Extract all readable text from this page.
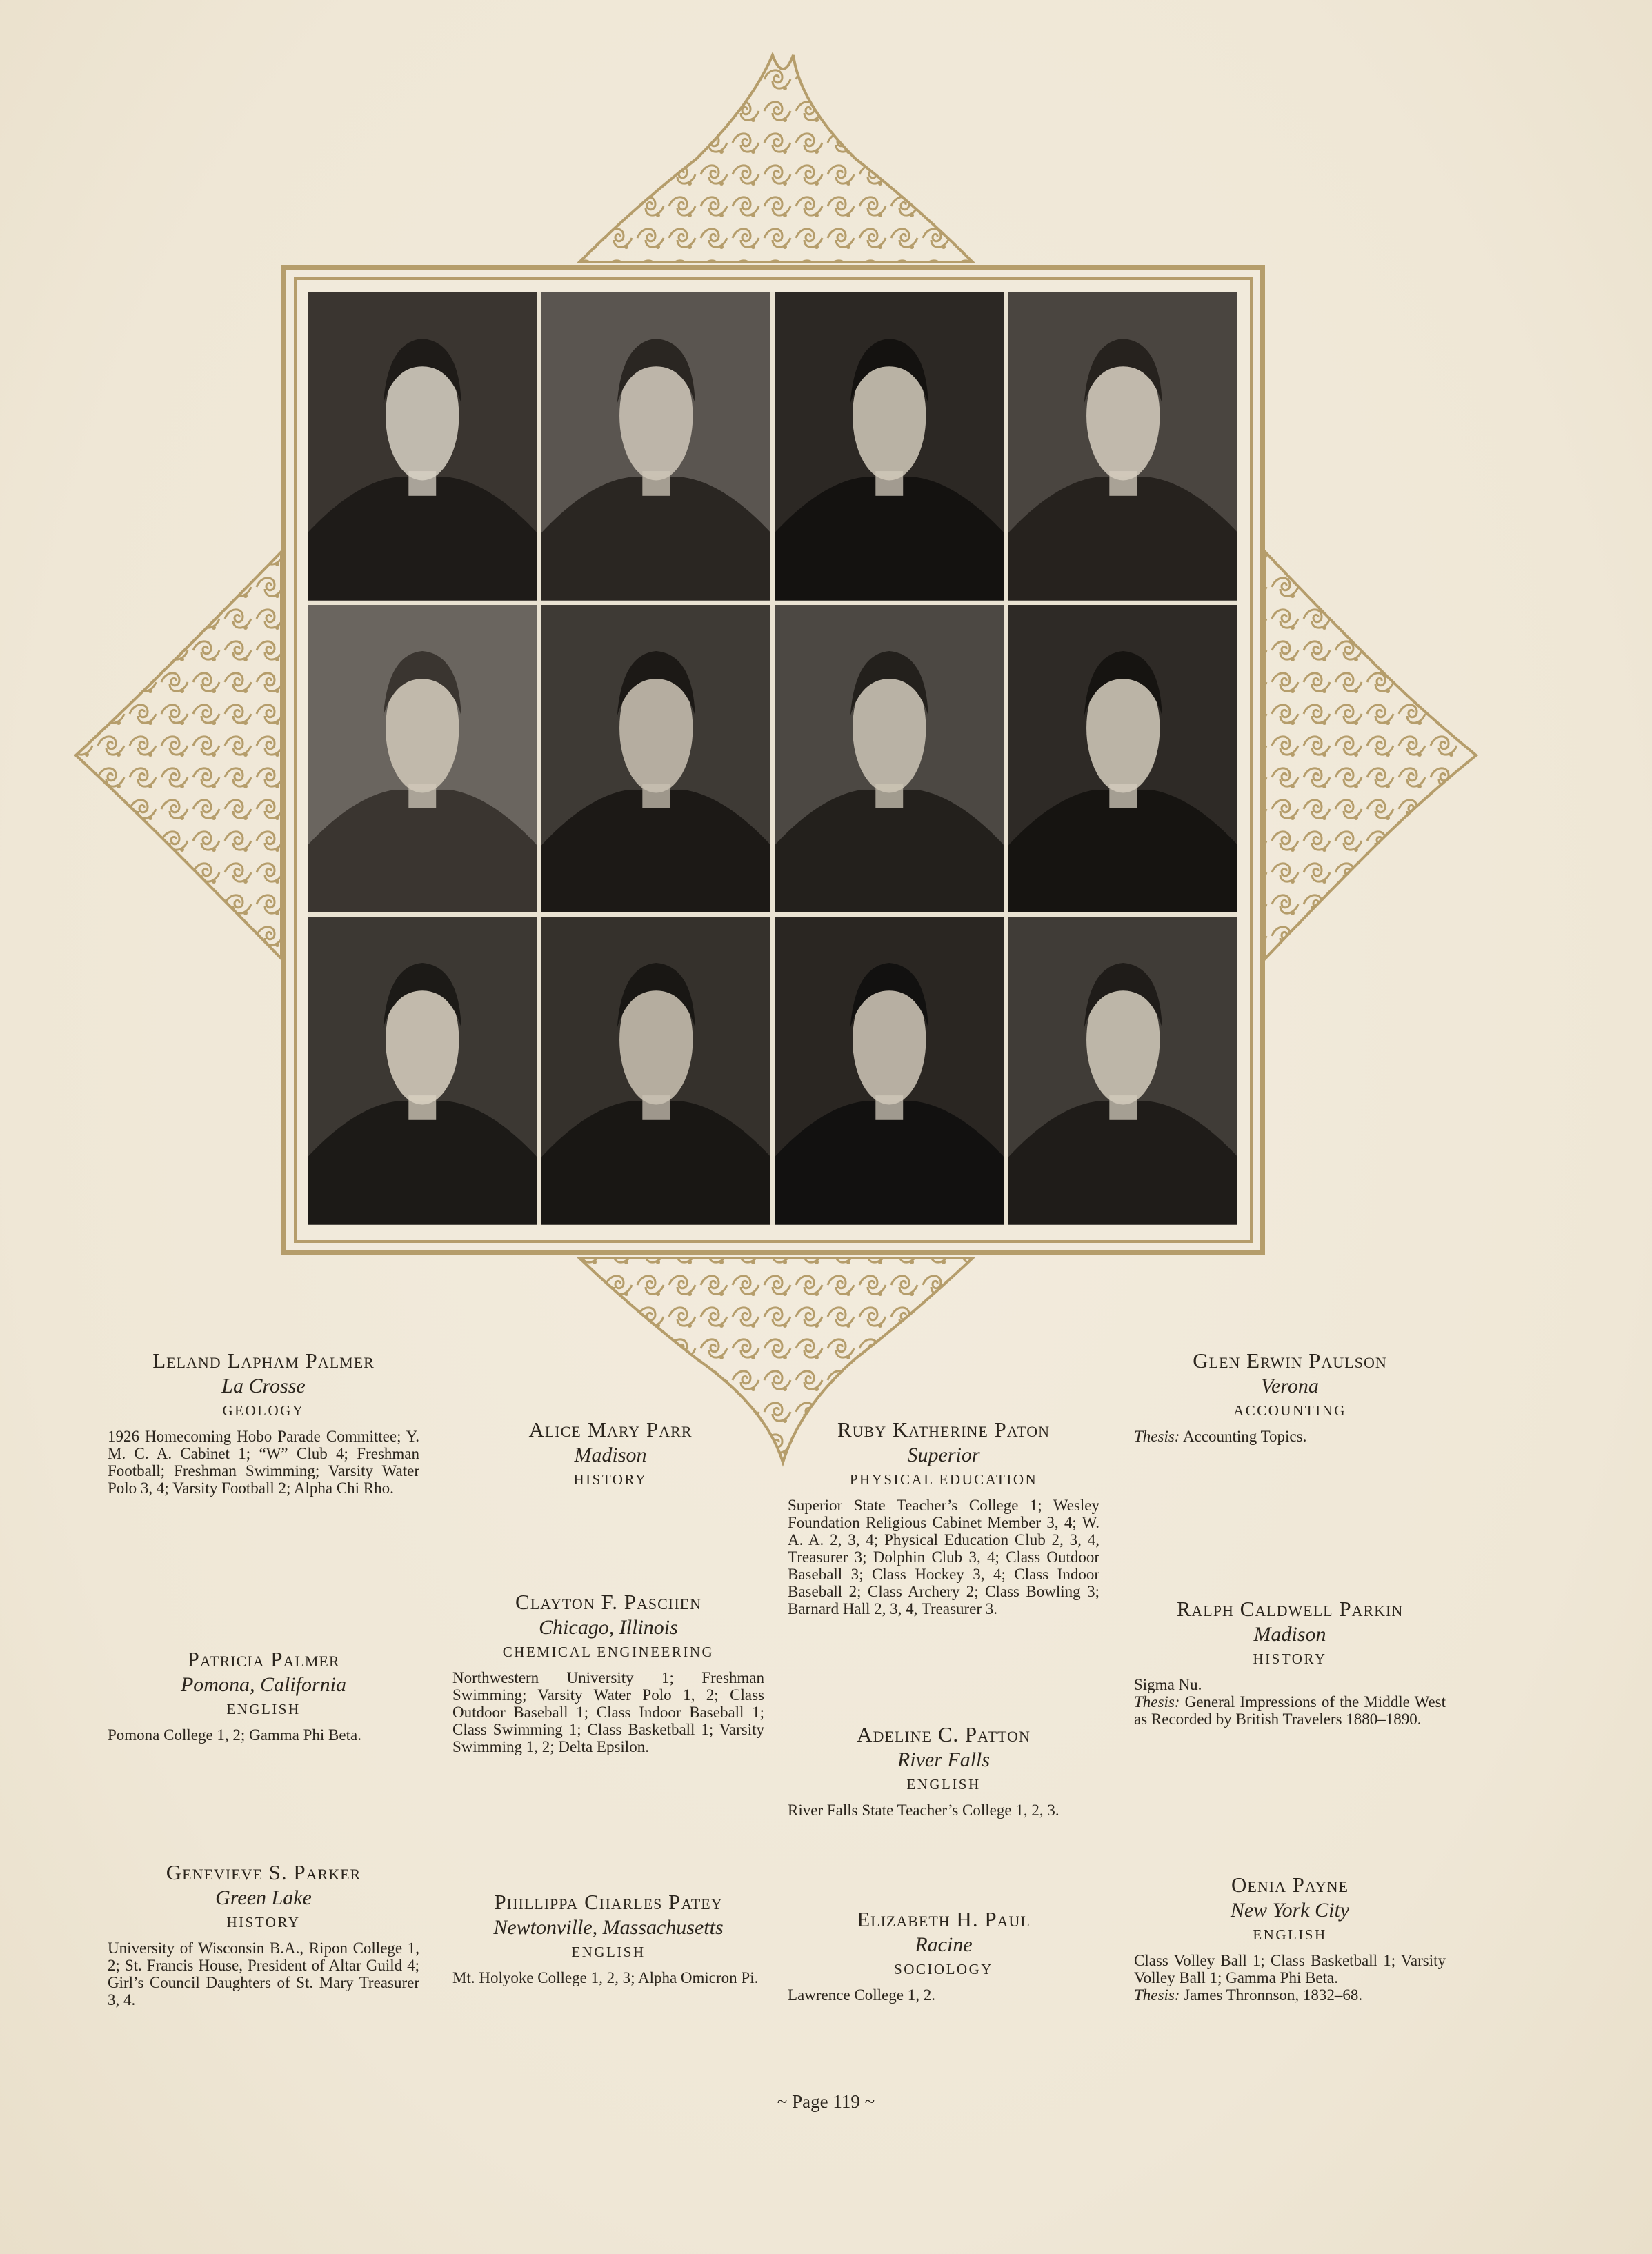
Leland Lapham Palmer
La Crosse
GEOLOGY
1926 Homecoming Hobo Parade Committee; Y. M. C. A. Cabinet 1; “W” Club 4; Freshman Football; Freshman Swimming; Varsity Water Polo 3, 4; Varsity Football 2; Alpha Chi Rho.
Alice Mary Parr
Madison
HISTORY
Ruby Katherine Paton
Superior
PHYSICAL EDUCATION
Superior State Teacher’s College 1; Wesley Foundation Religious Cabinet Member 3, 4; W. A. A. 2, 3, 4; Physical Education Club 2, 3, 4, Treasurer 3; Dolphin Club 3, 4; Class Outdoor Baseball 3; Class Hockey 3, 4; Class Indoor Baseball 2; Class Archery 2; Class Bowling 3; Barnard Hall 2, 3, 4, Treasurer 3.
Glen Erwin Paulson
Verona
ACCOUNTING
Thesis: Accounting Topics.
Patricia Palmer
Pomona, California
ENGLISH
Pomona College 1, 2; Gamma Phi Beta.
Clayton F. Paschen
Chicago, Illinois
CHEMICAL ENGINEERING
Northwestern University 1; Freshman Swimming; Varsity Water Polo 1, 2; Class Outdoor Baseball 1; Class Indoor Baseball 1; Class Swimming 1; Class Basketball 1; Varsity Swimming 1, 2; Delta Epsilon.
Adeline C. Patton
River Falls
ENGLISH
River Falls State Teacher’s College 1, 2, 3.
Ralph Caldwell Parkin
Madison
HISTORY
Sigma Nu.
Thesis: General Impressions of the Middle West as Recorded by British Travelers 1880–1890.
Genevieve S. Parker
Green Lake
HISTORY
University of Wisconsin B.A., Ripon College 1, 2; St. Francis House, President of Altar Guild 4; Girl’s Council Daughters of St. Mary Treasurer 3, 4.
Phillippa Charles Patey
Newtonville, Massachusetts
ENGLISH
Mt. Holyoke College 1, 2, 3; Alpha Omicron Pi.
Elizabeth H. Paul
Racine
SOCIOLOGY
Lawrence College 1, 2.
Oenia Payne
New York City
ENGLISH
Class Volley Ball 1; Class Basketball 1; Varsity Volley Ball 1; Gamma Phi Beta.
Thesis: James Thronnson, 1832–68.
~ Page 119 ~
